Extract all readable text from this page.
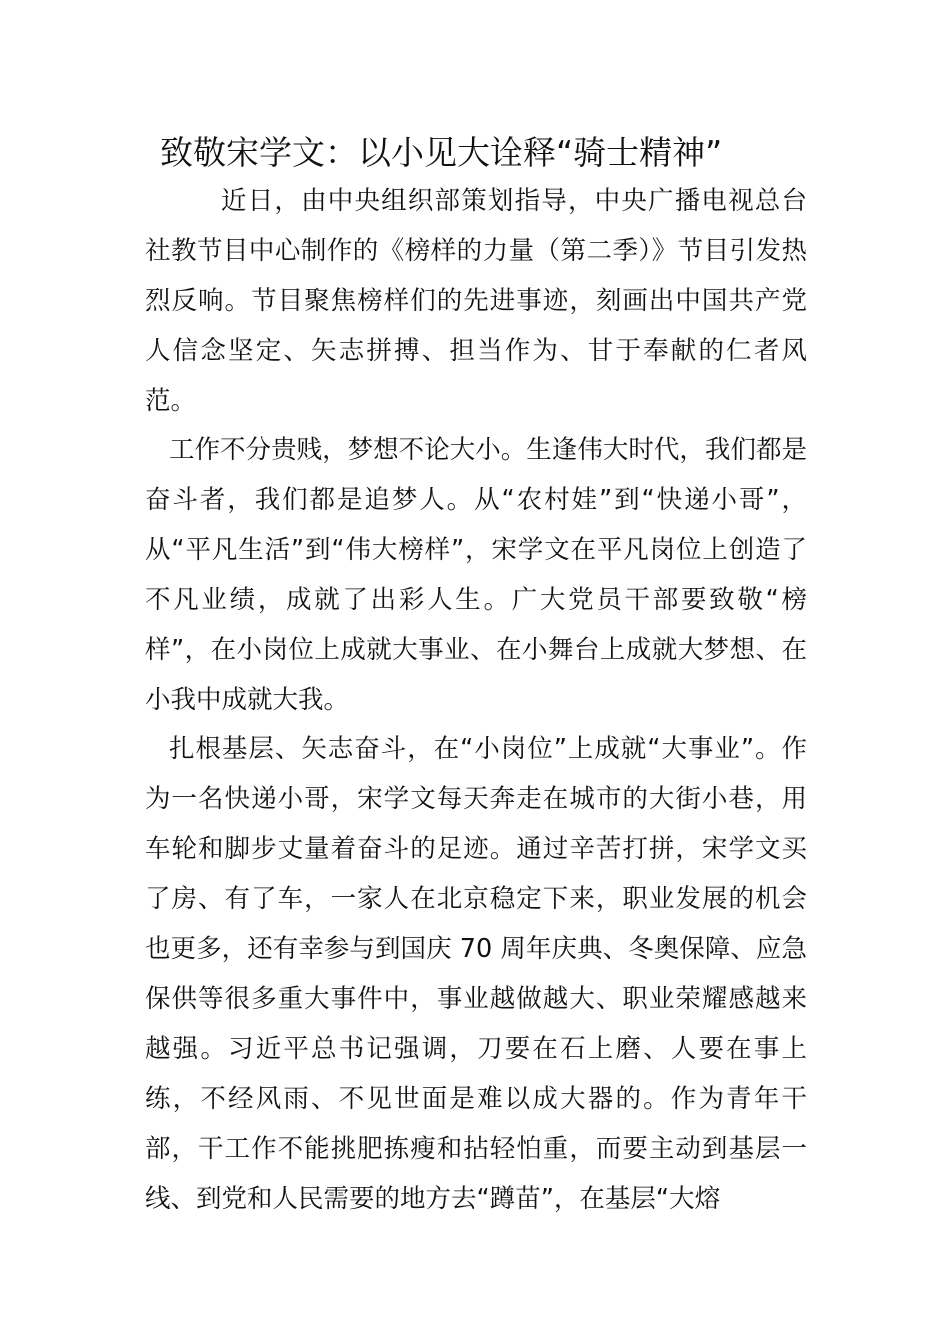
致敬宋学文：以小见大诠释“骑士精神”

近日，由中央组织部策划指导，中央广播电视总台社教节目中心制作的《榜样的力量（第二季）》节目引发热烈反响。节目聚焦榜样们的先进事迹，刻画出中国共产党人信念坚定、矢志拼搏、担当作为、甘于奉献的仁者风范。

工作不分贵贱，梦想不论大小。生逢伟大时代，我们都是奋斗者，我们都是追梦人。从“农村娃”到“快递小哥”，从“平凡生活”到“伟大榜样”，宋学文在平凡岗位上创造了不凡业绩，成就了出彩人生。广大党员干部要致敬“榜样”，在小岗位上成就大事业、在小舞台上成就大梦想、在小我中成就大我。

扎根基层、矢志奋斗，在“小岗位”上成就“大事业”。作为一名快递小哥，宋学文每天奔走在城市的大街小巷，用车轮和脚步丈量着奋斗的足迹。通过辛苦打拼，宋学文买了房、有了车，一家人在北京稳定下来，职业发展的机会也更多，还有幸参与到国庆 70 周年庆典、冬奥保障、应急保供等很多重大事件中，事业越做越大、职业荣耀感越来越强。习近平总书记强调，刀要在石上磨、人要在事上练，不经风雨、不见世面是难以成大器的。作为青年干部，干工作不能挑肥拣瘦和拈轻怕重，而要主动到基层一线、到党和人民需要的地方去“蹲苗”，在基层“大熔
